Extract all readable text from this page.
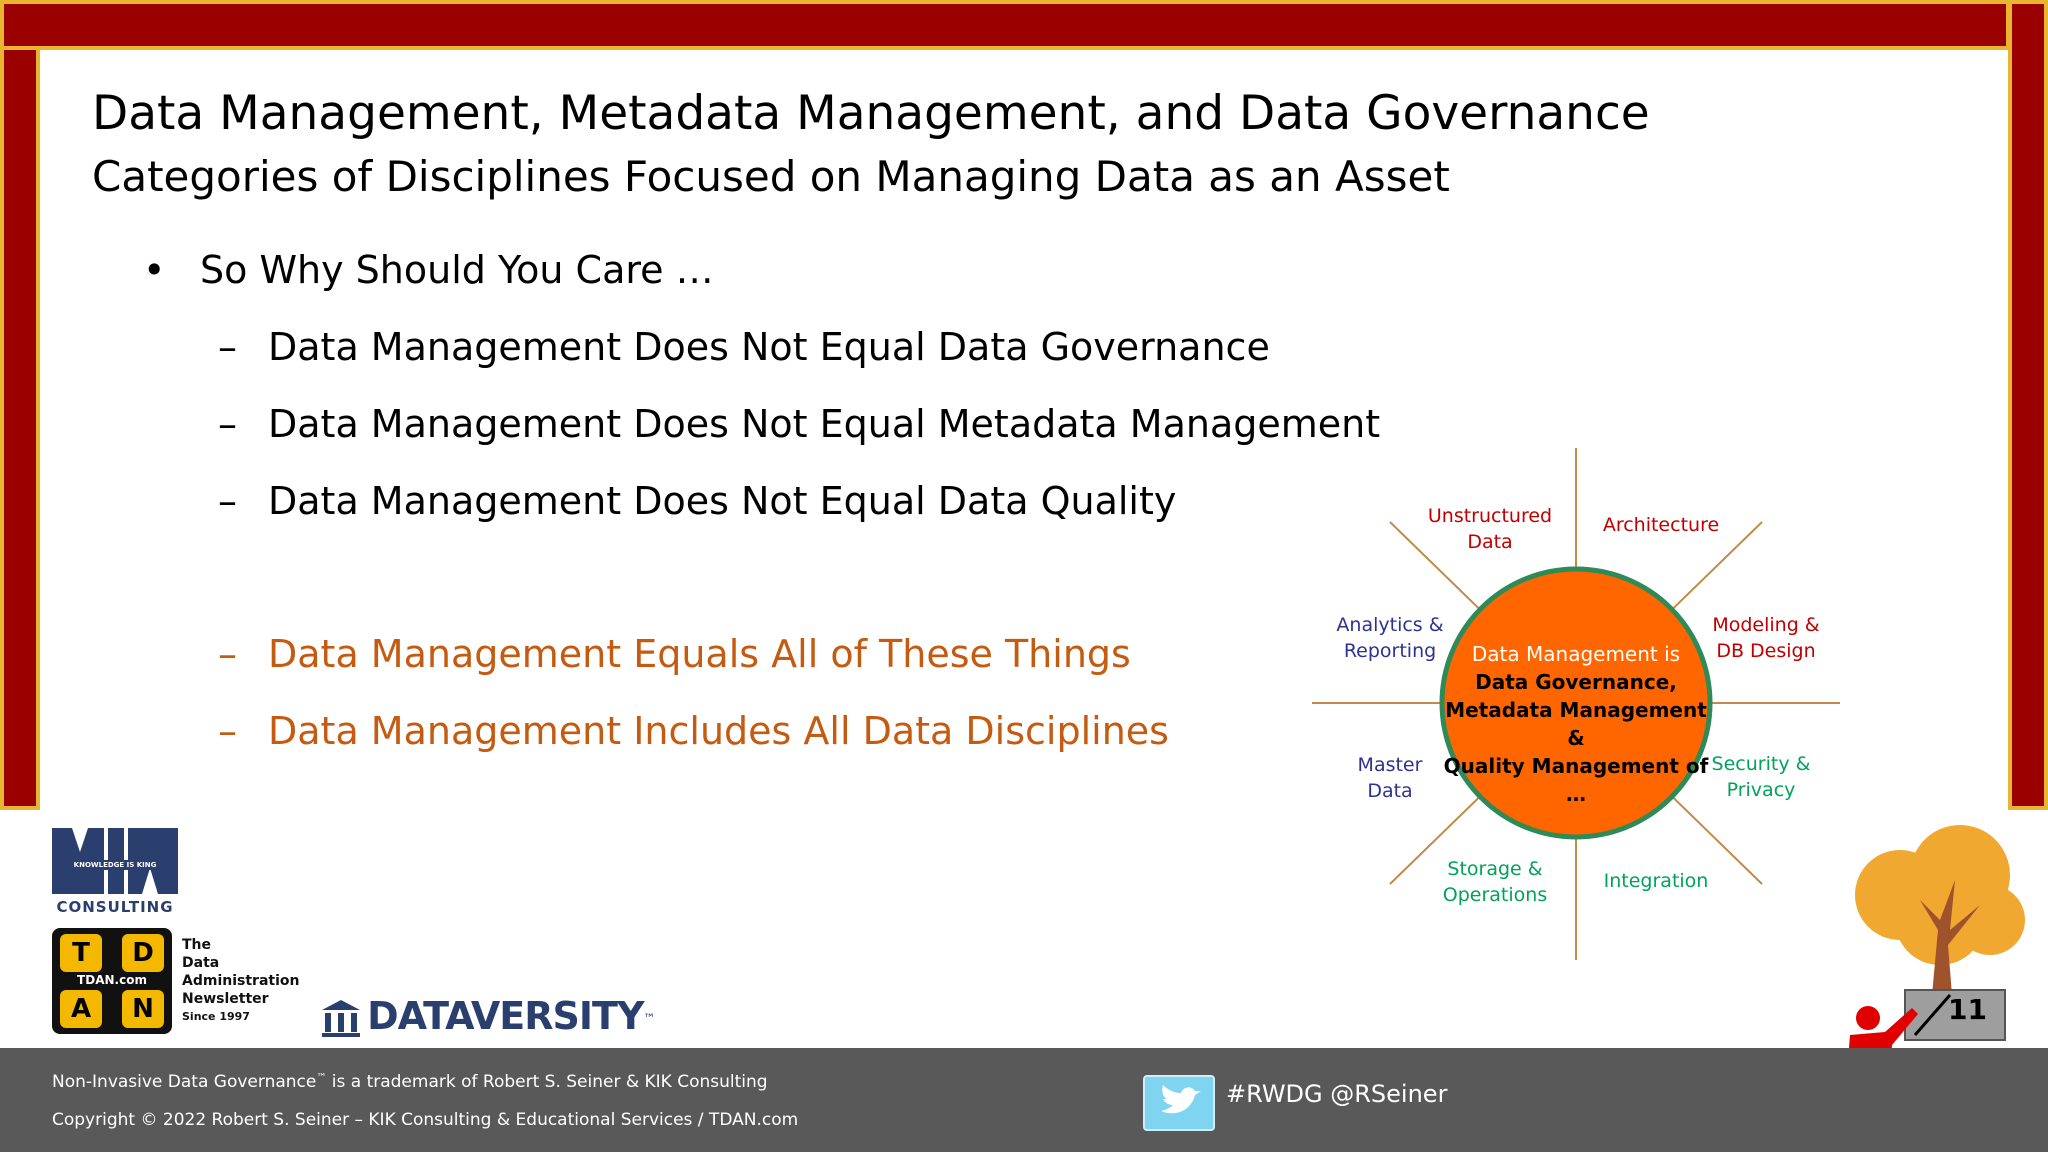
Data Management, Metadata Management, and Data Governance
Categories of Disciplines Focused on Managing Data as an Asset
• So Why Should You Care …
– Data Management Does Not Equal Data Governance
– Data Management Does Not Equal Metadata Management
– Data Management Does Not Equal Data Quality
– Data Management Equals All of These Things
– Data Management Includes All Data Disciplines
Data Management is
Data Governance,
Metadata Management &
Quality Management of …
Unstructured Data
Architecture
Analytics & Reporting
Modeling & DB Design
Master Data
Security & Privacy
Storage & Operations
Integration
KNOWLEDGE IS KING
CONSULTING
T	D
TDAN.com
A	N
The
Data
Administration
Newsletter
Since 1997	DATAVERSITY™	11
Non-Invasive Data Governance™ is a trademark of Robert S. Seiner & KIK Consulting
Copyright © 2022 Robert S. Seiner – KIK Consulting & Educational Services / TDAN.com
#RWDG @RSeiner
